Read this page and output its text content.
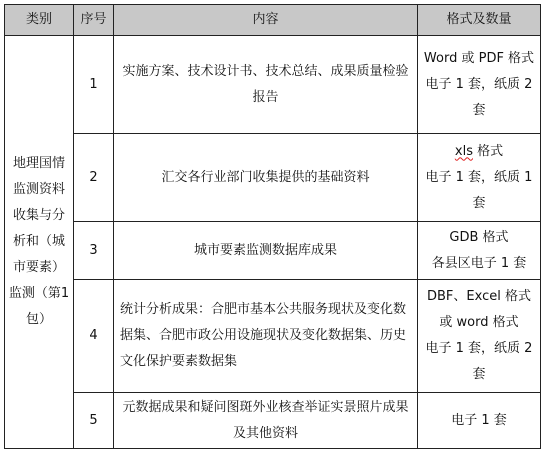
类别	序号	内容	格式及数量
地理国情监测资料收集与分析和（城市要素）监测（第1包）	1	实施方案、技术设计书、技术总结、成果质量检验报告	Word 或 PDF 格式
电子 1 套，纸质 2
套

	2	汇交各行业部门收集提供的基础资料	xls 格式
电子 1 套，纸质 1
套

	3	城市要素监测数据库成果	GDB 格式
各县区电子 1 套

	4	统计分析成果：合肥市基本公共服务现状及变化数据集、合肥市政公用设施现状及变化数据集、历史文化保护要素数据集	DBF、Excel 格式
或 word 格式
电子 1 套，纸质 2
套

	5	元数据成果和疑问图斑外业核查举证实景照片成果及其他资料	电子 1 套
